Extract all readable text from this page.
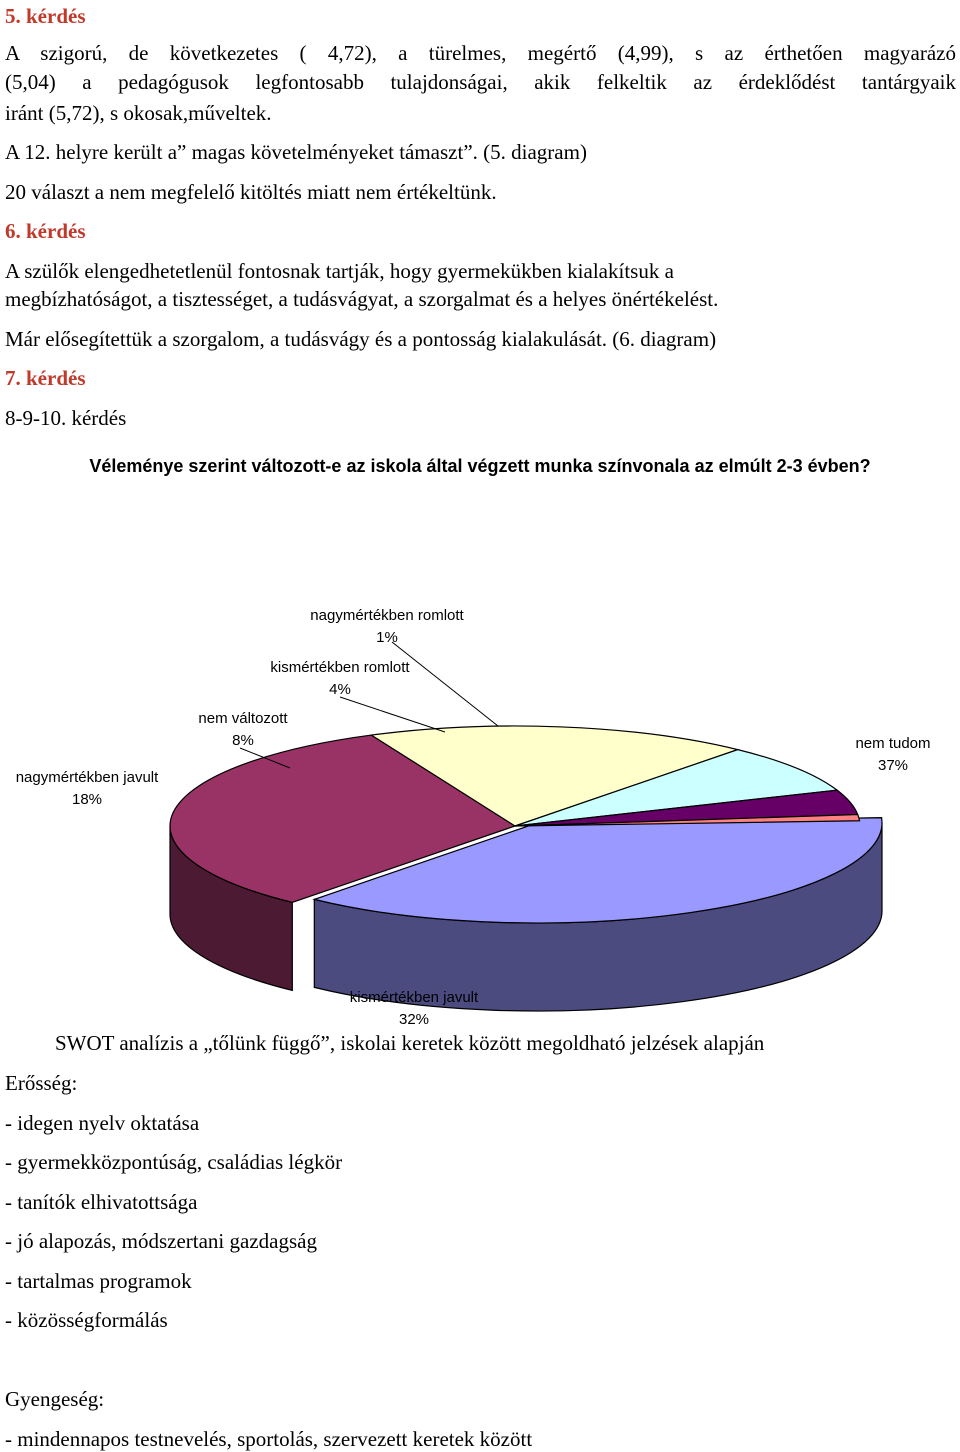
5. kérdés
A szigorú, de következetes ( 4,72), a türelmes, megértő (4,99), s az érthetően magyarázó
(5,04) a pedagógusok legfontosabb tulajdonságai, akik felkeltik az érdeklődést tantárgyaik
iránt (5,72), s okosak,műveltek.
A 12. helyre került a” magas követelményeket támaszt”. (5. diagram)
20 választ a nem megfelelő kitöltés miatt nem értékeltünk.
6. kérdés
A szülők elengedhetetlenül fontosnak tartják, hogy gyermekükben kialakítsuk a
megbízhatóságot, a tisztességet, a tudásvágyat, a szorgalmat és a helyes önértékelést.
Már elősegítettük a szorgalom, a tudásvágy és a pontosság kialakulását. (6. diagram)
7. kérdés
8-9-10. kérdés
Véleménye szerint változott-e az iskola által végzett munka színvonala az elmúlt 2-3 évben?
nem tudom
37%
kismértékben javult
32%
nagymértékben javult
18%
nem változott
8%
kismértékben romlott
4%
nagymértékben romlott
1%
SWOT analízis a „tőlünk függő”, iskolai keretek között megoldható jelzések alapján
Erősség:
- idegen nyelv oktatása
- gyermekközpontúság, családias légkör
- tanítók elhivatottsága
- jó alapozás, módszertani gazdagság
- tartalmas programok
- közösségformálás
Gyengeség:
- mindennapos testnevelés, sportolás, szervezett keretek között
